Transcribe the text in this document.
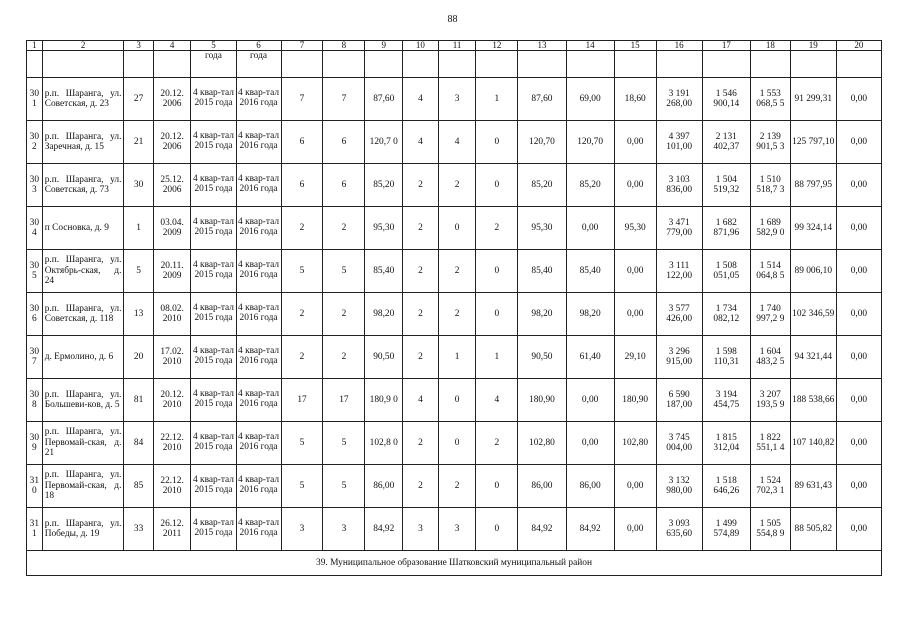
88
1	2	3	4	5	6	7	8	9	10	11	12	13	14	15	16	17	18	19	20
				года	года														
30 1	р.п. Шаранга, ул. Советская, д. 23	27	20.12. 2006	4 квар-тал 2015 года	4 квар-тал 2016 года	7	7	87,60	4	3	1	87,60	69,00	18,60	3 191 268,00	1 546 900,14	1 553 068,5 5	91 299,31	0,00
30 2	р.п. Шаранга, ул. Заречная, д. 15	21	20.12. 2006	4 квар-тал 2015 года	4 квар-тал 2016 года	6	6	120,7 0	4	4	0	120,70	120,70	0,00	4 397 101,00	2 131 402,37	2 139 901,5 3	125 797,10	0,00
30 3	р.п. Шаранга, ул. Советская, д. 73	30	25.12. 2006	4 квар-тал 2015 года	4 квар-тал 2016 года	6	6	85,20	2	2	0	85,20	85,20	0,00	3 103 836,00	1 504 519,32	1 510 518,7 3	88 797,95	0,00
30 4	п Сосновка, д. 9	1	03.04. 2009	4 квар-тал 2015 года	4 квар-тал 2016 года	2	2	95,30	2	0	2	95,30	0,00	95,30	3 471 779,00	1 682 871,96	1 689 582,9 0	99 324,14	0,00
30 5	р.п. Шаранга, ул. Октябрь-ская, д. 24	5	20.11. 2009	4 квар-тал 2015 года	4 квар-тал 2016 года	5	5	85,40	2	2	0	85,40	85,40	0,00	3 111 122,00	1 508 051,05	1 514 064,8 5	89 006,10	0,00
30 6	р.п. Шаранга, ул. Советская, д. 118	13	08.02. 2010	4 квар-тал 2015 года	4 квар-тал 2016 года	2	2	98,20	2	2	0	98,20	98,20	0,00	3 577 426,00	1 734 082,12	1 740 997,2 9	102 346,59	0,00
30 7	д. Ермолино, д. 6	20	17.02. 2010	4 квар-тал 2015 года	4 квар-тал 2016 года	2	2	90,50	2	1	1	90,50	61,40	29,10	3 296 915,00	1 598 110,31	1 604 483,2 5	94 321,44	0,00
30 8	р.п. Шаранга, ул. Большеви-ков, д. 5	81	20.12. 2010	4 квар-тал 2015 года	4 квар-тал 2016 года	17	17	180,9 0	4	0	4	180,90	0,00	180,90	6 590 187,00	3 194 454,75	3 207 193,5 9	188 538,66	0,00
30 9	р.п. Шаранга, ул. Первомай-ская, д. 21	84	22.12. 2010	4 квар-тал 2015 года	4 квар-тал 2016 года	5	5	102,8 0	2	0	2	102,80	0,00	102,80	3 745 004,00	1 815 312,04	1 822 551,1 4	107 140,82	0,00
31 0	р.п. Шаранга, ул. Первомай-ская, д. 18	85	22.12. 2010	4 квар-тал 2015 года	4 квар-тал 2016 года	5	5	86,00	2	2	0	86,00	86,00	0,00	3 132 980,00	1 518 646,26	1 524 702,3 1	89 631,43	0,00
31 1	р.п. Шаранга, ул. Победы, д. 19	33	26.12. 2011	4 квар-тал 2015 года	4 квар-тал 2016 года	3	3	84,92	3	3	0	84,92	84,92	0,00	3 093 635,60	1 499 574,89	1 505 554,8 9	88 505,82	0,00
39. Муниципальное образование Шатковский муниципальный район																			
